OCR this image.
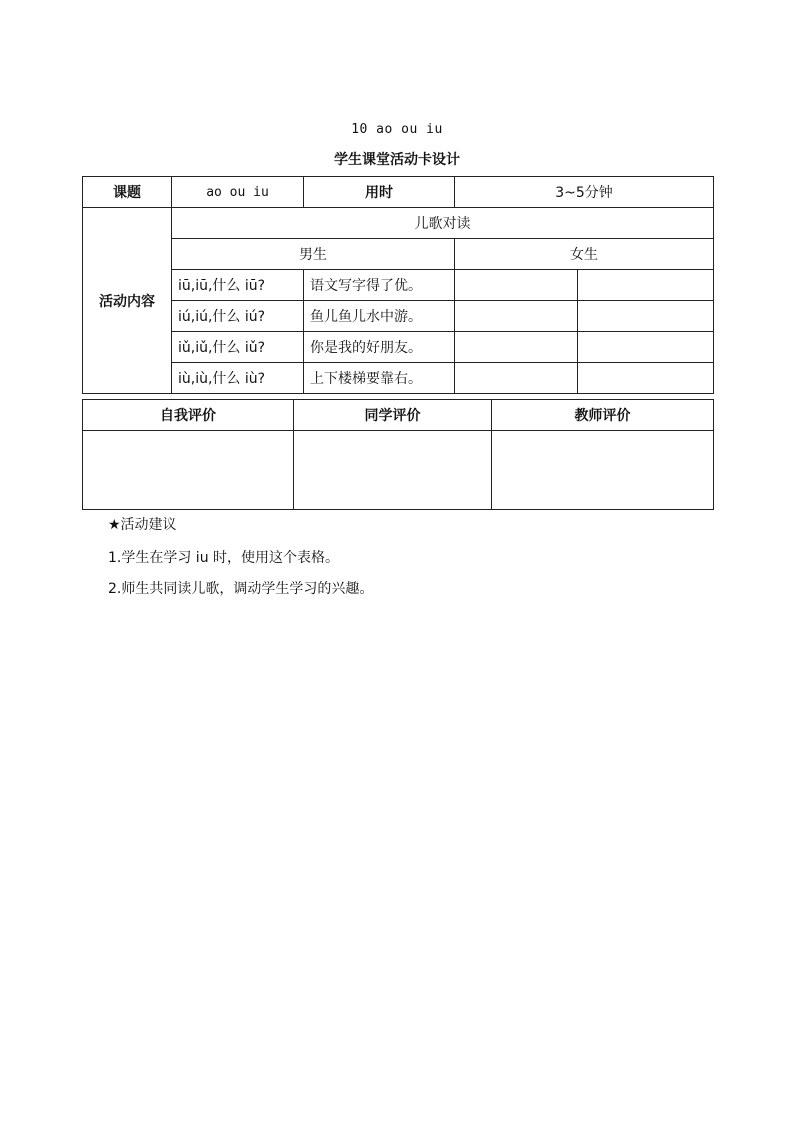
10 ao ou iu
学生课堂活动卡设计
课题	ao ou iu	用时	3~5分钟	
活动内容	儿歌对读			
	男生		女生	
	iū,iū,什么 iū?	语文写字得了优。		
	iú,iú,什么 iú?	鱼儿鱼儿水中游。		
	iǔ,iǔ,什么 iǔ?	你是我的好朋友。		
	iù,iù,什么 iù?	上下楼梯要靠右。		
自我评价	同学评价	教师评价

★活动建议
1.学生在学习 iu 时，使用这个表格。
2.师生共同读儿歌，调动学生学习的兴趣。
